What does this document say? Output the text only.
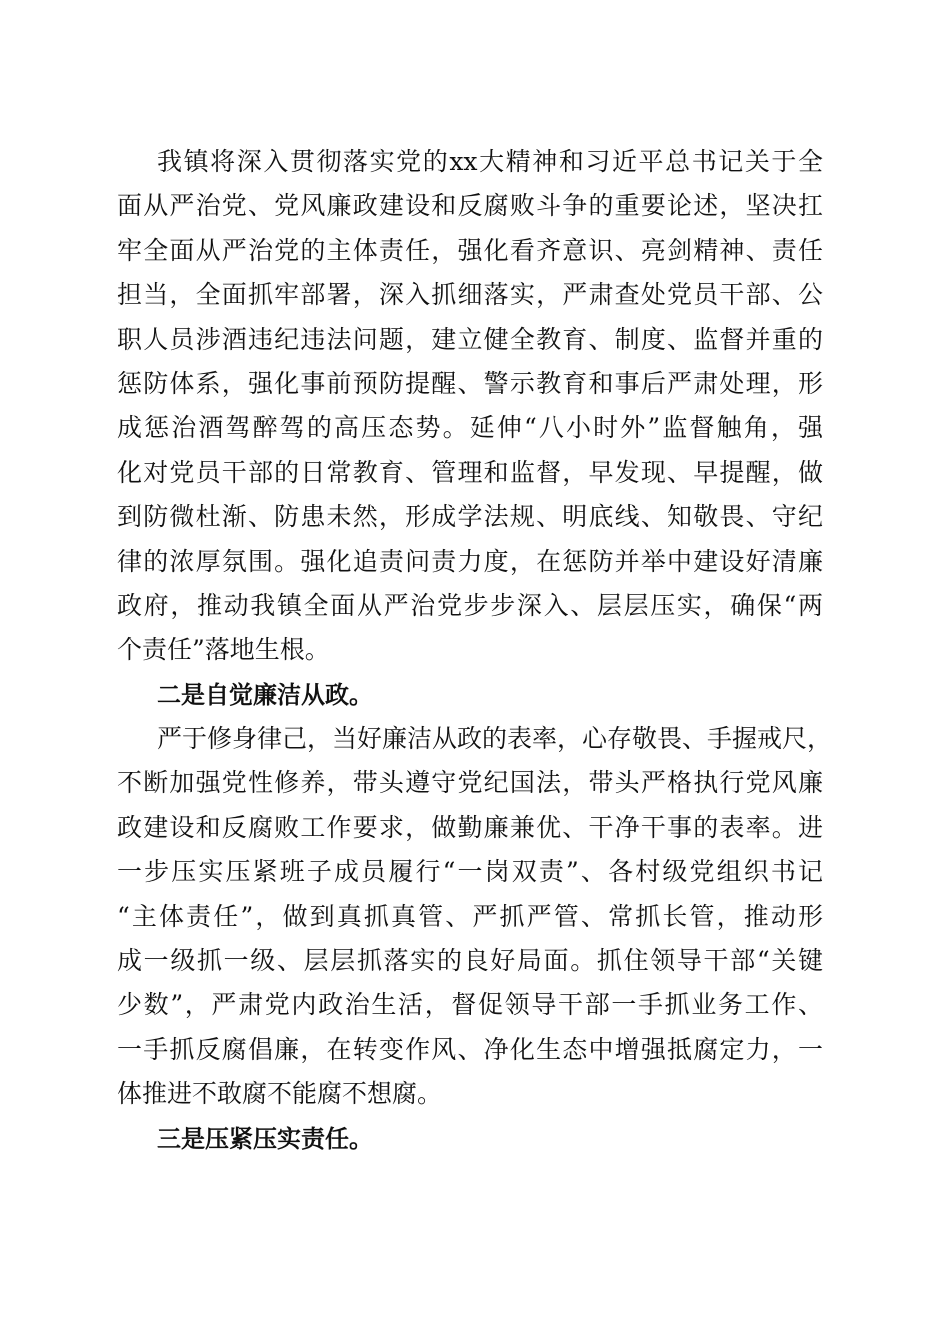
我镇将深入贯彻落实党的xx大精神和习近平总书记关于全
面从严治党、党风廉政建设和反腐败斗争的重要论述，坚决扛
牢全面从严治党的主体责任，强化看齐意识、亮剑精神、责任
担当，全面抓牢部署，深入抓细落实，严肃查处党员干部、公
职人员涉酒违纪违法问题，建立健全教育、制度、监督并重的
惩防体系，强化事前预防提醒、警示教育和事后严肃处理，形
成惩治酒驾醉驾的高压态势。延伸“八小时外”监督触角，强
化对党员干部的日常教育、管理和监督，早发现、早提醒，做
到防微杜渐、防患未然，形成学法规、明底线、知敬畏、守纪
律的浓厚氛围。强化追责问责力度，在惩防并举中建设好清廉
政府，推动我镇全面从严治党步步深入、层层压实，确保“两
个责任”落地生根。
二是自觉廉洁从政。
严于修身律己，当好廉洁从政的表率，心存敬畏、手握戒尺，
不断加强党性修养，带头遵守党纪国法，带头严格执行党风廉
政建设和反腐败工作要求，做勤廉兼优、干净干事的表率。进
一步压实压紧班子成员履行“一岗双责”、各村级党组织书记
“主体责任”，做到真抓真管、严抓严管、常抓长管，推动形
成一级抓一级、层层抓落实的良好局面。抓住领导干部“关键
少数”，严肃党内政治生活，督促领导干部一手抓业务工作、
一手抓反腐倡廉，在转变作风、净化生态中增强抵腐定力，一
体推进不敢腐不能腐不想腐。
三是压紧压实责任。
